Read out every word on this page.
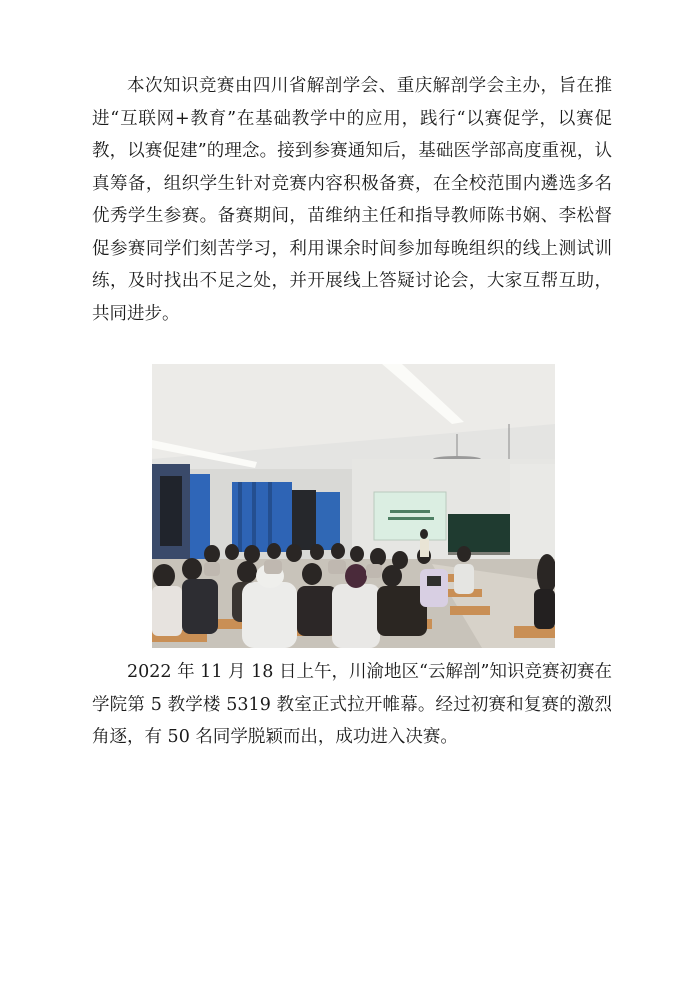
本次知识竞赛由四川省解剖学会、重庆解剖学会主办，旨在推进“互联网+教育”在基础教学中的应用，践行“以赛促学，以赛促教，以赛促建”的理念。接到参赛通知后，基础医学部高度重视，认真筹备，组织学生针对竞赛内容积极备赛，在全校范围内遴选多名优秀学生参赛。备赛期间，苗维纳主任和指导教师陈书娴、李松督促参赛同学们刻苦学习，利用课余时间参加每晚组织的线上测试训练，及时找出不足之处，并开展线上答疑讨论会，大家互帮互助，共同进步。

2022 年 11 月 18 日上午，川渝地区“云解剖”知识竞赛初赛在学院第 5 教学楼 5319 教室正式拉开帷幕。经过初赛和复赛的激烈角逐，有 50 名同学脱颖而出，成功进入决赛。
